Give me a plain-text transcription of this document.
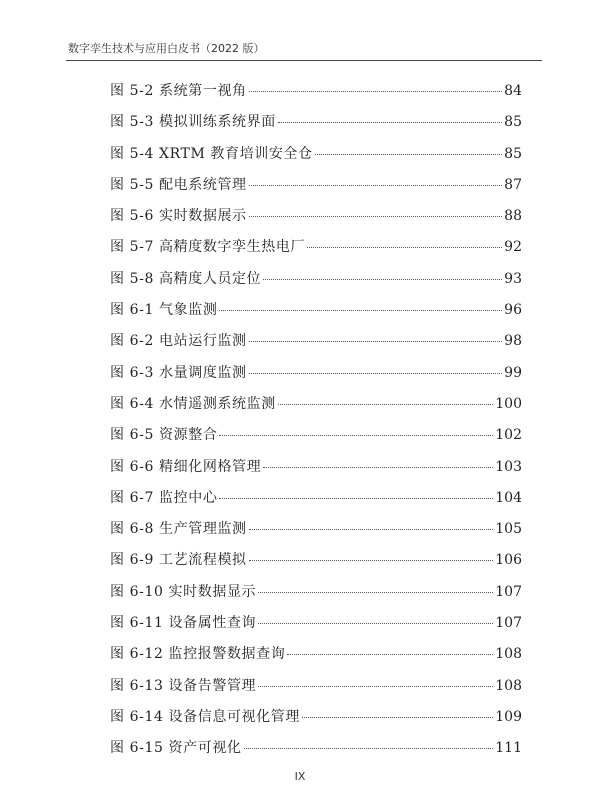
数字孪生技术与应用白皮书（2022 版）
图 5-2 系统第一视角	84
图 5-3 模拟训练系统界面	85
图 5-4 XRTM 教育培训安全仓	85
图 5-5 配电系统管理	87
图 5-6 实时数据展示	88
图 5-7 高精度数字孪生热电厂	92
图 5-8 高精度人员定位	93
图 6-1 气象监测	96
图 6-2 电站运行监测	98
图 6-3 水量调度监测	99
图 6-4 水情遥测系统监测	100
图 6-5 资源整合	102
图 6-6 精细化网格管理	103
图 6-7 监控中心	104
图 6-8 生产管理监测	105
图 6-9 工艺流程模拟	106
图 6-10 实时数据显示	107
图 6-11 设备属性查询	107
图 6-12 监控报警数据查询	108
图 6-13 设备告警管理	108
图 6-14 设备信息可视化管理	109
图 6-15 资产可视化	111
IX
